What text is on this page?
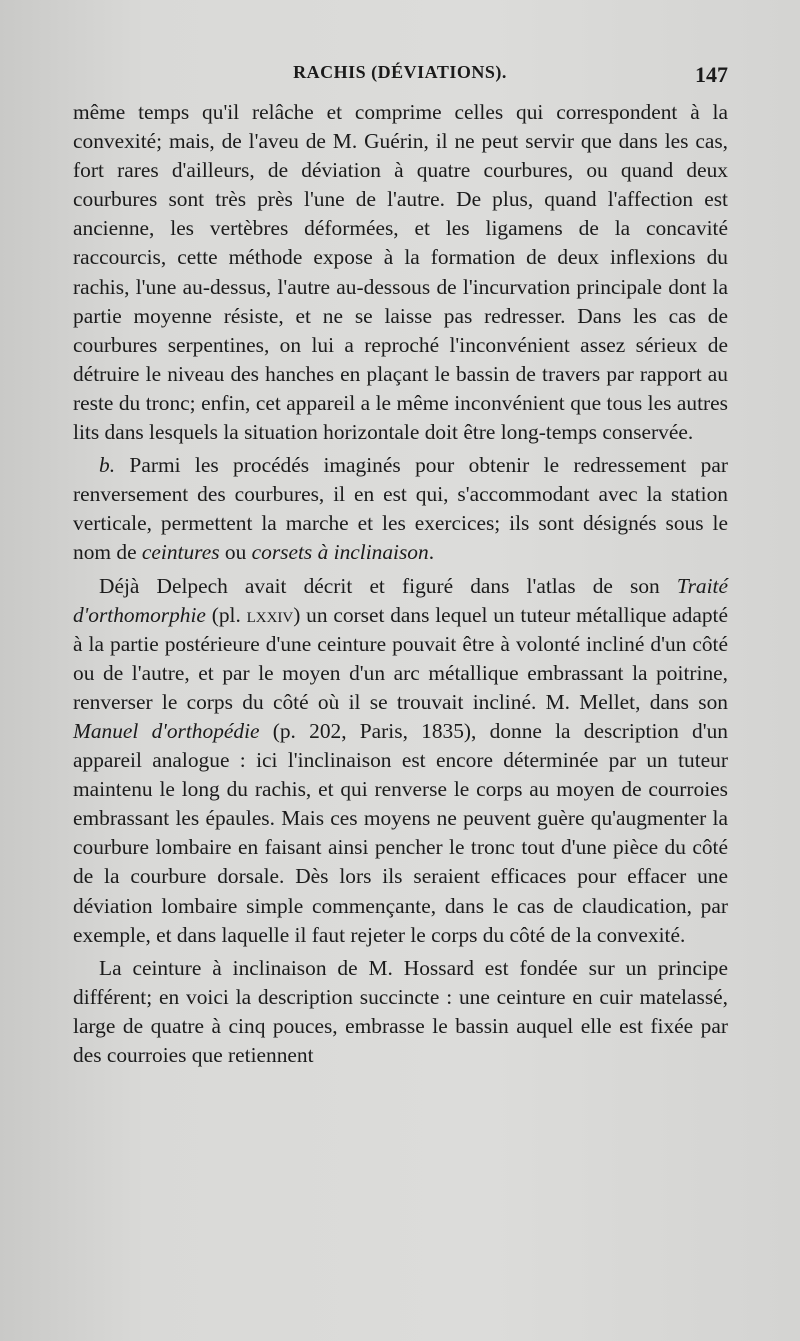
RACHIS (DÉVIATIONS).	147

même temps qu'il relâche et comprime celles qui correspondent à la convexité; mais, de l'aveu de M. Guérin, il ne peut servir que dans les cas, fort rares d'ailleurs, de déviation à quatre courbures, ou quand deux courbures sont très près l'une de l'autre. De plus, quand l'affection est ancienne, les vertèbres déformées, et les ligamens de la concavité raccourcis, cette méthode expose à la formation de deux inflexions du rachis, l'une au-dessus, l'autre au-dessous de l'incurvation principale dont la partie moyenne résiste, et ne se laisse pas redresser. Dans les cas de courbures serpentines, on lui a reproché l'inconvénient assez sérieux de détruire le niveau des hanches en plaçant le bassin de travers par rapport au reste du tronc; enfin, cet appareil a le même inconvénient que tous les autres lits dans lesquels la situation horizontale doit être long-temps conservée.

b. Parmi les procédés imaginés pour obtenir le redressement par renversement des courbures, il en est qui, s'accommodant avec la station verticale, permettent la marche et les exercices; ils sont désignés sous le nom de ceintures ou corsets à inclinaison.

Déjà Delpech avait décrit et figuré dans l'atlas de son Traité d'orthomorphie (pl. lxxiv) un corset dans lequel un tuteur métallique adapté à la partie postérieure d'une ceinture pouvait être à volonté incliné d'un côté ou de l'autre, et par le moyen d'un arc métallique embrassant la poitrine, renverser le corps du côté où il se trouvait incliné. M. Mellet, dans son Manuel d'orthopédie (p. 202, Paris, 1835), donne la description d'un appareil analogue : ici l'inclinaison est encore déterminée par un tuteur maintenu le long du rachis, et qui renverse le corps au moyen de courroies embrassant les épaules. Mais ces moyens ne peuvent guère qu'augmenter la courbure lombaire en faisant ainsi pencher le tronc tout d'une pièce du côté de la courbure dorsale. Dès lors ils seraient efficaces pour effacer une déviation lombaire simple commençante, dans le cas de claudication, par exemple, et dans laquelle il faut rejeter le corps du côté de la convexité.

La ceinture à inclinaison de M. Hossard est fondée sur un principe différent; en voici la description succincte : une ceinture en cuir matelassé, large de quatre à cinq pouces, embrasse le bassin auquel elle est fixée par des courroies que retiennent
